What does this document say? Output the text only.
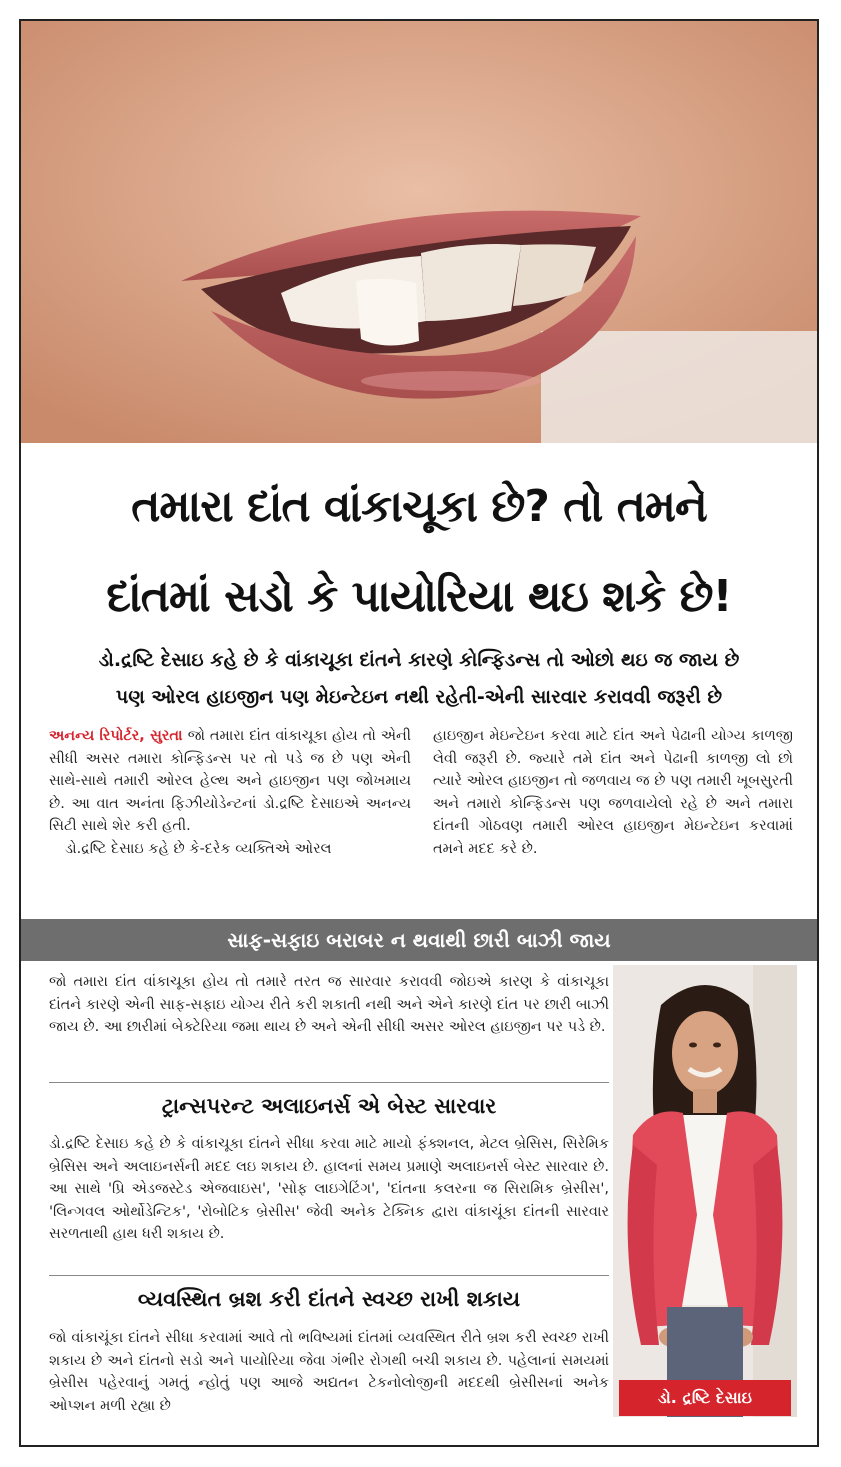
તમારા દાંત વાંકાચૂકા છે? તો તમને
દાંતમાં સડો કે પાયોરિયા થઇ શકે છે!
ડો.દ્રષ્ટિ દેસાઇ કહે છે કે વાંકાચૂકા દાંતને કારણે કોન્ફિડન્સ તો ઓછો થઇ જ જાય છે
પણ ઓરલ હાઇજીન પણ મેઇન્ટેઇન નથી રહેતી-એની સારવાર કરાવવી જરૂરી છે
અનન્ય રિપોર્ટર, સુરત। જો તમારા દાંત વાંકાચૂકા હોય તો એની સીધી અસર તમારા કોન્ફિડન્સ પર તો પડે જ છે પણ એની સાથે-સાથે તમારી ઓરલ હેલ્થ અને હાઇજીન પણ જોખમાય છે. આ વાત અનંતા ફિઝીયોડેન્ટનાં ડો.દ્રષ્ટિ દેસાઇએ અનન્ય સિટી સાથે શેર કરી હતી.
ડો.દ્રષ્ટિ દેસાઇ કહે છે કે-દરેક વ્યક્તિએ ઓરલ
હાઇજીન મેઇન્ટેઇન કરવા માટે દાંત અને પેઢાની યોગ્ય કાળજી લેવી જરૂરી છે. જ્યારે તમે દાંત અને પેઢાની કાળજી લો છો ત્યારે ઓરલ હાઇજીન તો જળવાય જ છે પણ તમારી ખૂબસુરતી અને તમારો કોન્ફિડન્સ પણ જળવાયેલો રહે છે અને તમારા દાંતની ગોઠવણ તમારી ઓરલ હાઇજીન મેઇન્ટેઇન કરવામાં તમને મદદ કરે છે.
સાફ-સફાઇ બરાબર ન થવાથી છારી બાઝી જાય
જો તમારા દાંત વાંકાચૂકા હોય તો તમારે તરત જ સારવાર કરાવવી જોઇએ કારણ કે વાંકાચૂકા દાંતને કારણે એની સાફ-સફાઇ યોગ્ય રીતે કરી શકાતી નથી અને એને કારણે દાંત પર છારી બાઝી જાય છે. આ છારીમાં બેક્ટેરિયા જમા થાય છે અને એની સીધી અસર ઓરલ હાઇજીન પર પડે છે.
ટ્રાન્સપરન્ટ અલાઇનર્સ એ બેસ્ટ સારવાર
ડો.દ્રષ્ટિ દેસાઇ કહે છે કે વાંકાચૂકા દાંતને સીધા કરવા માટે માયો ફંક્શનલ, મેટલ બ્રેસિસ, સિરેમિક બ્રેસિસ અને અલાઇનર્સની મદદ લઇ શકાય છે. હાલનાં સમય પ્રમાણે અલાઇનર્સ બેસ્ટ સારવાર છે. આ સાથે 'પ્રિ એડજસ્ટેડ એજવાઇસ', 'સોફ લાઇગેટિંગ', 'દાંતના કલરના જ સિરામિક બ્રેસીસ', 'લિન્ગવલ ઓર્થોડેન્ટિક', 'રોબોટિક બ્રેસીસ' જેવી અનેક ટેક્નિક દ્વારા વાંકાચૂંકા દાંતની સારવાર સરળતાથી હાથ ધરી શકાય છે.
વ્યવસ્થિત બ્રશ કરી દાંતને સ્વચ્છ રાખી શકાય
જો વાંકાચૂંકા દાંતને સીધા કરવામાં આવે તો ભવિષ્યમાં દાંતમાં વ્યવસ્થિત રીતે બ્રશ કરી સ્વચ્છ રાખી શકાય છે અને દાંતનો સડો અને પાયોરિયા જેવા ગંભીર રોગથી બચી શકાય છે. પહેલાનાં સમયમાં બ્રેસીસ પહેરવાનું ગમતું ન્હોતું પણ આજે અદ્યતન ટેકનોલોજીની મદદથી બ્રેસીસનાં અનેક ઓપ્શન મળી રહ્યા છે	ડો. દ્રષ્ટિ દેસાઇ
